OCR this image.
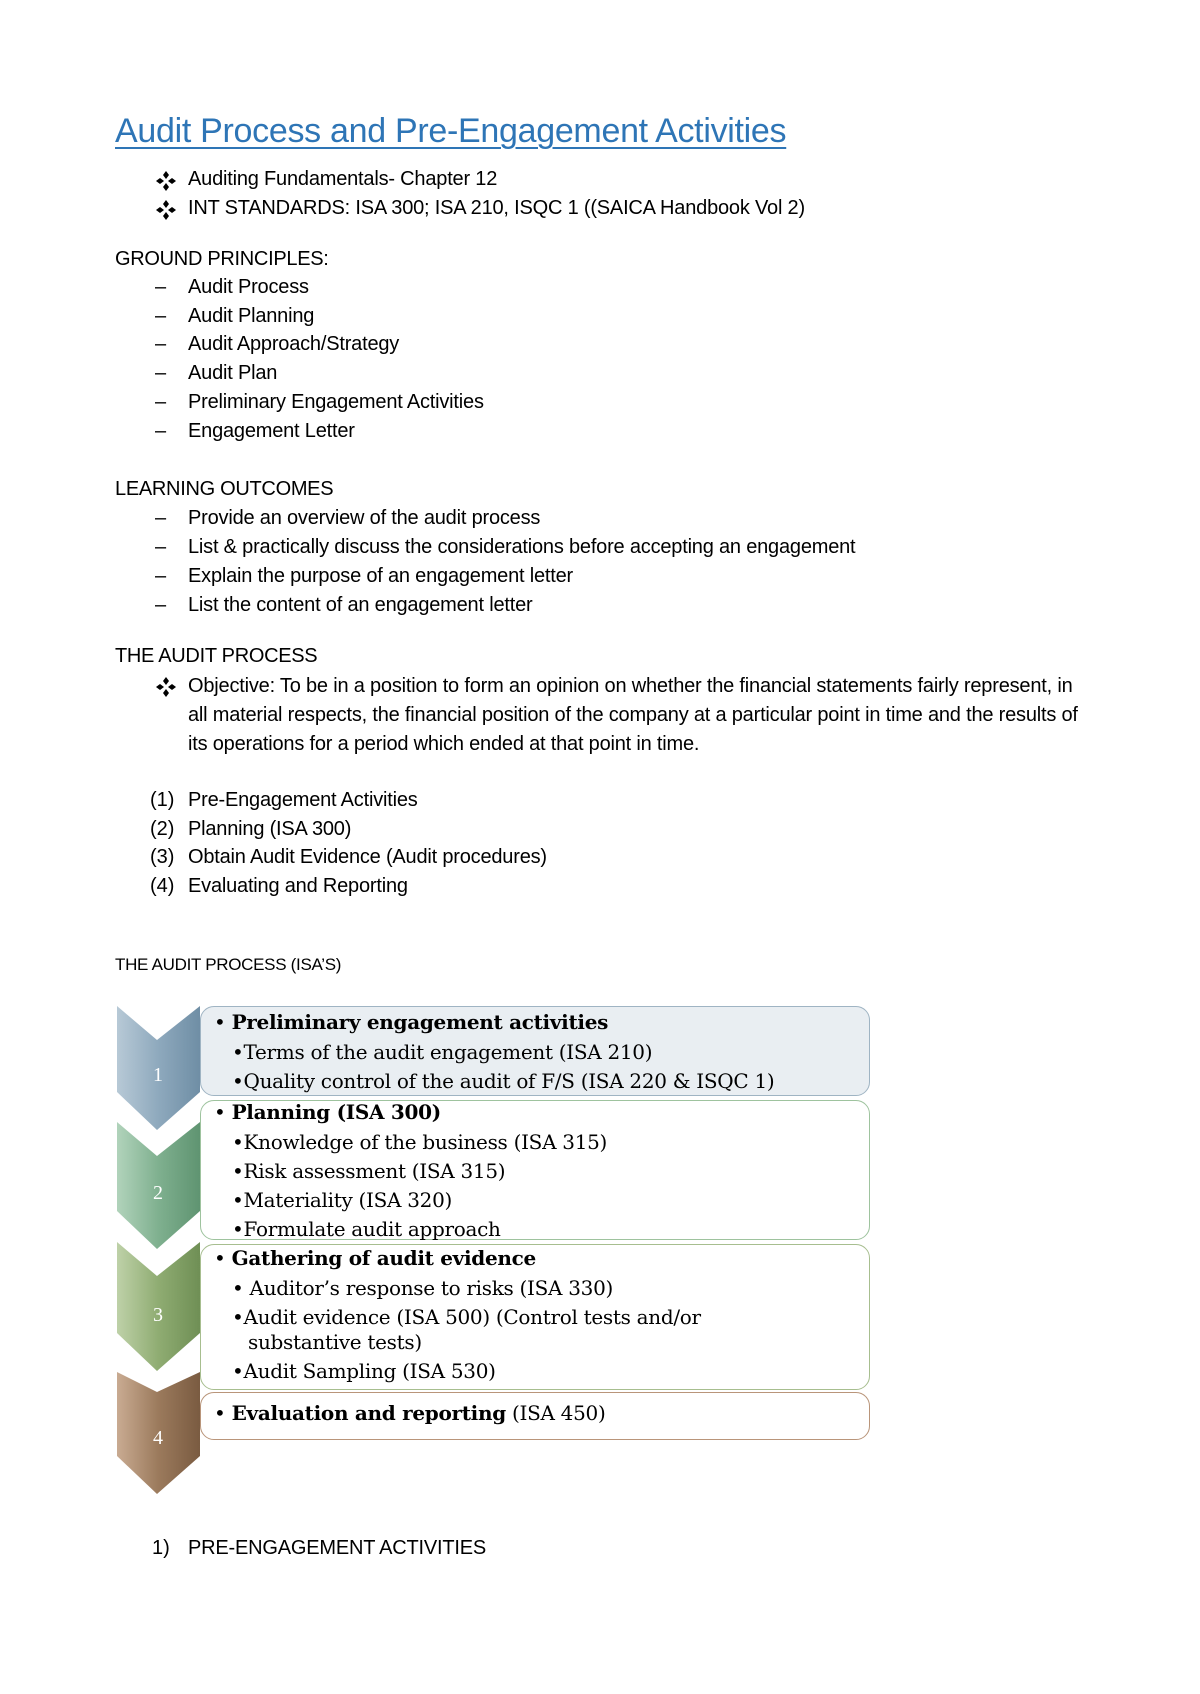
Audit Process and Pre-Engagement Activities
Auditing Fundamentals- Chapter 12
INT STANDARDS: ISA 300; ISA 210, ISQC 1 ((SAICA Handbook Vol 2)
GROUND PRINCIPLES:
– Audit Process
– Audit Planning
– Audit Approach/Strategy
– Audit Plan
– Preliminary Engagement Activities
– Engagement Letter
LEARNING OUTCOMES
– Provide an overview of the audit process
– List & practically discuss the considerations before accepting an engagement
– Explain the purpose of an engagement letter
– List the content of an engagement letter
THE AUDIT PROCESS
Objective: To be in a position to form an opinion on whether the financial statements fairly represent, in all material respects, the financial position of the company at a particular point in time and the results of its operations for a period which ended at that point in time.
(1) Pre-Engagement Activities
(2) Planning (ISA 300)
(3) Obtain Audit Evidence (Audit procedures)
(4) Evaluating and Reporting
THE AUDIT PROCESS (ISA’S)
1
2
3
4
• Preliminary engagement activities
•Terms of the audit engagement (ISA 210)
•Quality control of the audit of F/S (ISA 220 & ISQC 1)
• Planning (ISA 300)
•Knowledge of the business (ISA 315)
•Risk assessment (ISA 315)
•Materiality (ISA 320)
•Formulate audit approach
• Gathering of audit evidence
• Auditor’s response to risks (ISA 330)
•Audit evidence (ISA 500) (Control tests and/or
substantive tests)
•Audit Sampling (ISA 530)
• Evaluation and reporting (ISA 450)
1) PRE-ENGAGEMENT ACTIVITIES
